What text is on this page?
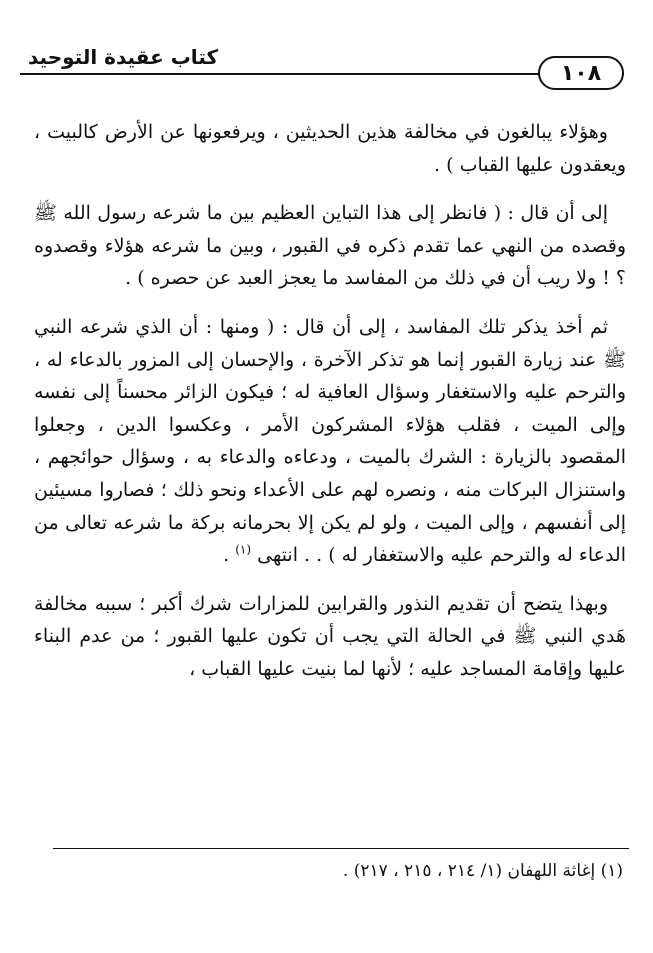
كتاب عقيدة التوحيد
١٠٨

وهؤلاء يبالغون في مخالفة هذين الحديثين ، ويرفعونها عن الأرض كالبيت ، ويعقدون عليها القباب ) .

إلى أن قال : ( فانظر إلى هذا التباين العظيم بين ما شرعه رسول الله ﷺ وقصده من النهي عما تقدم ذكره في القبور ، وبين ما شرعه هؤلاء وقصدوه ؟ ! ولا ريب أن في ذلك من المفاسد ما يعجز العبد عن حصره ) .

ثم أخذ يذكر تلك المفاسد ، إلى أن قال : ( ومنها : أن الذي شرعه النبي ﷺ عند زيارة القبور إنما هو تذكر الآخرة ، والإحسان إلى المزور بالدعاء له ، والترحم عليه والاستغفار وسؤال العافية له ؛ فيكون الزائر محسناً إلى نفسه وإلى الميت ، فقلب هؤلاء المشركون الأمر ، وعكسوا الدين ، وجعلوا المقصود بالزيارة : الشرك بالميت ، ودعاءه والدعاء به ، وسؤال حوائجهم ، واستنزال البركات منه ، ونصره لهم على الأعداء ونحو ذلك ؛ فصاروا مسيئين إلى أنفسهم ، وإلى الميت ، ولو لم يكن إلا بحرمانه بركة ما شرعه تعالى من الدعاء له والترحم عليه والاستغفار له ) . . انتهى $^{(١)}$ .

وبهذا يتضح أن تقديم النذور والقرابين للمزارات شرك أكبر ؛ سببه مخالفة هَدي النبي ﷺ في الحالة التي يجب أن تكون عليها القبور ؛ من عدم البناء عليها وإقامة المساجد عليه ؛ لأنها لما بنيت عليها القباب ،

(١) إغاثة اللهفان (١/ ٢١٤ ، ٢١٥ ، ٢١٧) .
